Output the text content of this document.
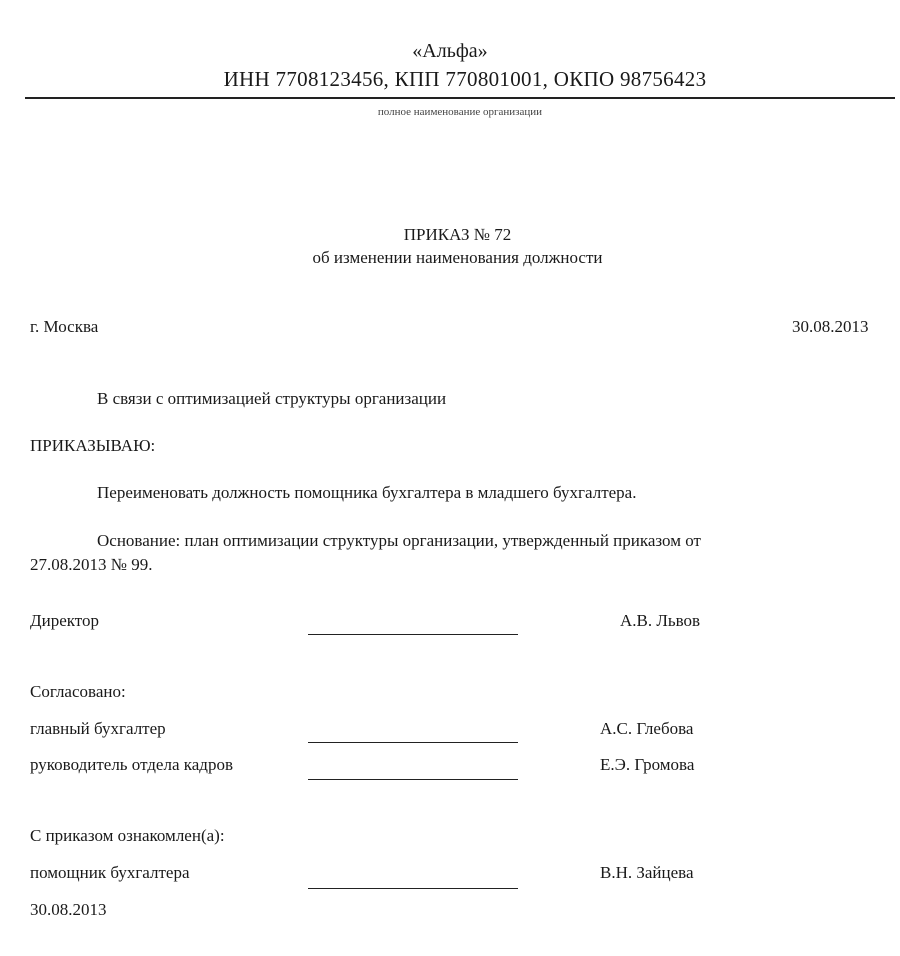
«Альфа»
ИНН 7708123456, КПП 770801001, ОКПО 98756423
полное наименование организации
ПРИКАЗ № 72
об изменении наименования должности
г. Москва	30.08.2013
В связи с оптимизацией структуры организации
ПРИКАЗЫВАЮ:
Переименовать должность помощника бухгалтера в младшего бухгалтера.
Основание: план оптимизации структуры организации, утвержденный приказом от
27.08.2013 № 99.
Директор	А.В. Львов
Согласовано:
главный бухгалтер	А.С. Глебова
руководитель отдела кадров	Е.Э. Громова
С приказом ознакомлен(а):
помощник бухгалтера	В.Н. Зайцева
30.08.2013
